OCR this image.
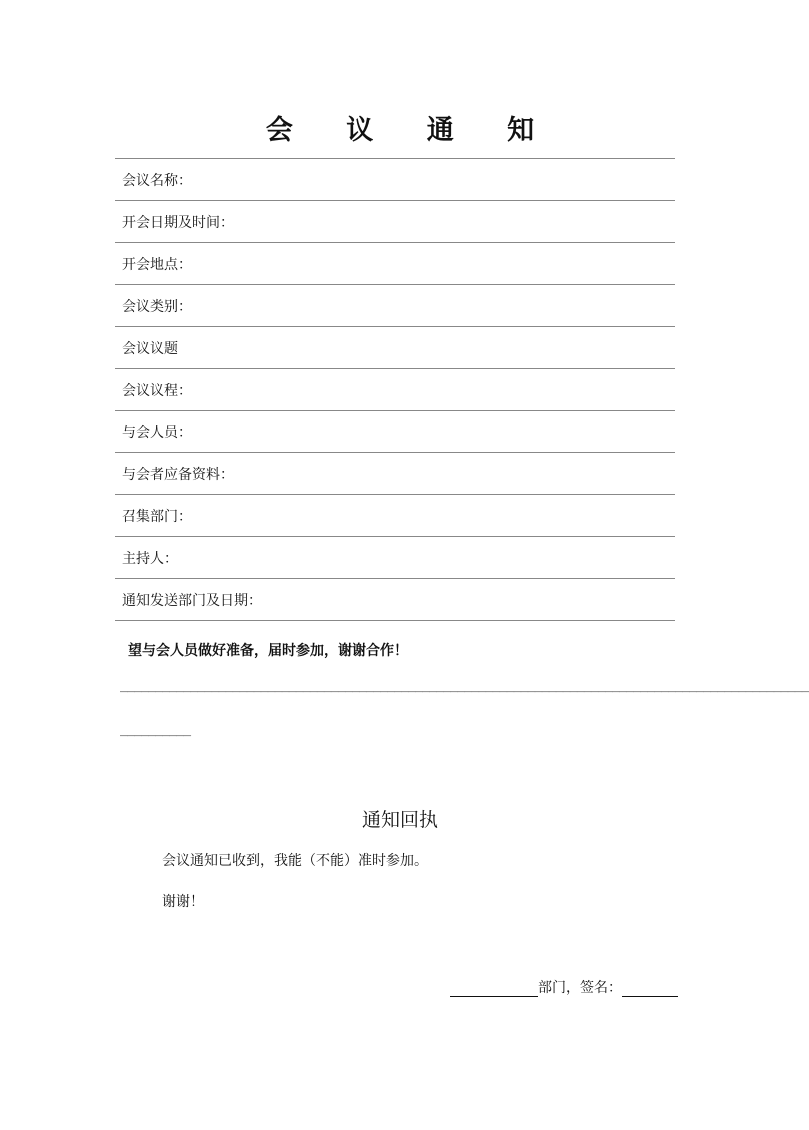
会 议 通 知
会议名称：
开会日期及时间：
开会地点：
会议类别：
会议议题
会议议程：
与会人员：
与会者应备资料：
召集部门：
主持人：
通知发送部门及日期：
望与会人员做好准备，届时参加，谢谢合作！
__________________________________________________________________________________________________
__________
通知回执
会议通知已收到，我能（不能）准时参加。
谢谢！
部门，签名：
